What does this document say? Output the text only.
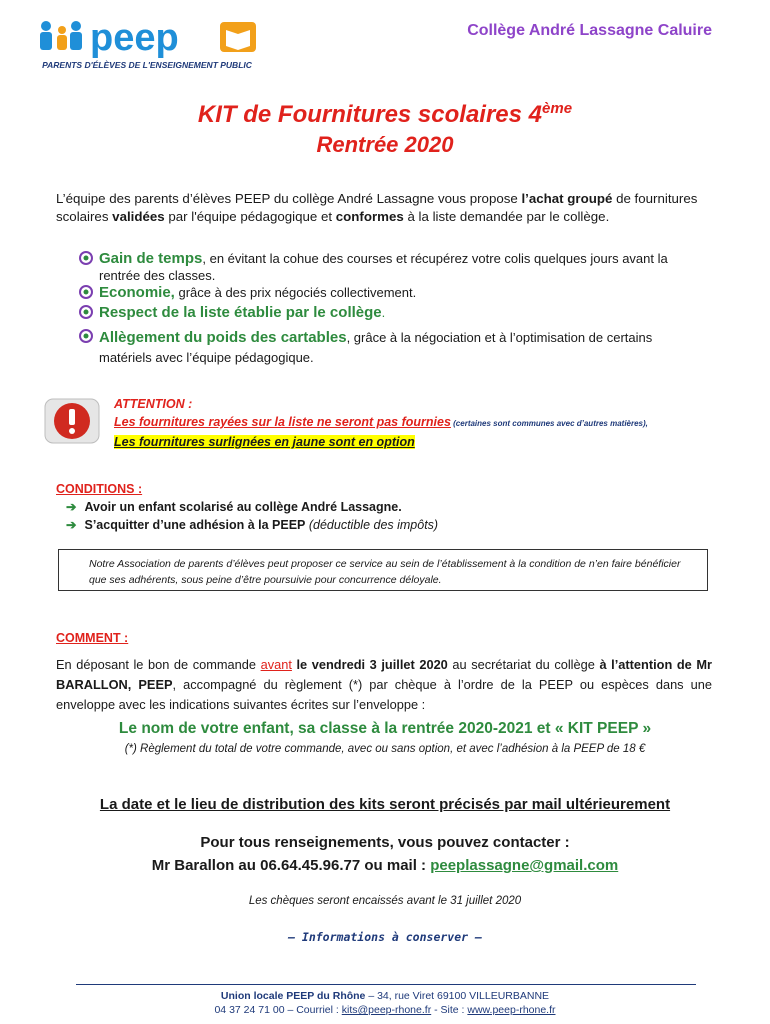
peep
PARENTS D'ÉLÈVES DE L'ENSEIGNEMENT PUBLIC
Collège André Lassagne Caluire
KIT de Fournitures scolaires 4ème
Rentrée 2020
L’équipe des parents d’élèves PEEP du collège André Lassagne vous propose l’achat groupé de fournitures scolaires validées par l'équipe pédagogique et conformes à la liste demandée par le collège.
Gain de temps, en évitant la cohue des courses et récupérez votre colis quelques jours avant la rentrée des classes.
Economie, grâce à des prix négociés collectivement.
Respect de la liste établie par le collège.
Allègement du poids des cartables, grâce à la négociation et à l’optimisation de certains matériels avec l’équipe pédagogique.
ATTENTION :
Les fournitures rayées sur la liste ne seront pas fournies (certaines sont communes avec d’autres matières),
Les fournitures surlignées en jaune sont en option
CONDITIONS :
➔ Avoir un enfant scolarisé au collège André Lassagne.
➔ S’acquitter d’une adhésion à la PEEP (déductible des impôts)
Notre Association de parents d’élèves peut proposer ce service au sein de l’établissement à la condition de n’en faire bénéficier que ses adhérents, sous peine d’être poursuivie pour concurrence déloyale.
COMMENT :
En déposant le bon de commande avant le vendredi 3 juillet 2020 au secrétariat du collège à l’attention de Mr BARALLON, PEEP, accompagné du règlement (*) par chèque à l’ordre de la PEEP ou espèces dans une enveloppe avec les indications suivantes écrites sur l’enveloppe :
Le nom de votre enfant, sa classe à la rentrée 2020-2021 et « KIT PEEP »
(*) Règlement du total de votre commande, avec ou sans option, et avec l’adhésion à la PEEP de 18 €
La date et le lieu de distribution des kits seront précisés par mail ultérieurement
Pour tous renseignements, vous pouvez contacter :
Mr Barallon au 06.64.45.96.77 ou mail : peeplassagne@gmail.com
Les chèques seront encaissés avant le 31 juillet 2020
– Informations à conserver –
Union locale PEEP du Rhône – 34, rue Viret 69100 VILLEURBANNE
04 37 24 71 00 – Courriel : kits@peep-rhone.fr - Site : www.peep-rhone.fr
